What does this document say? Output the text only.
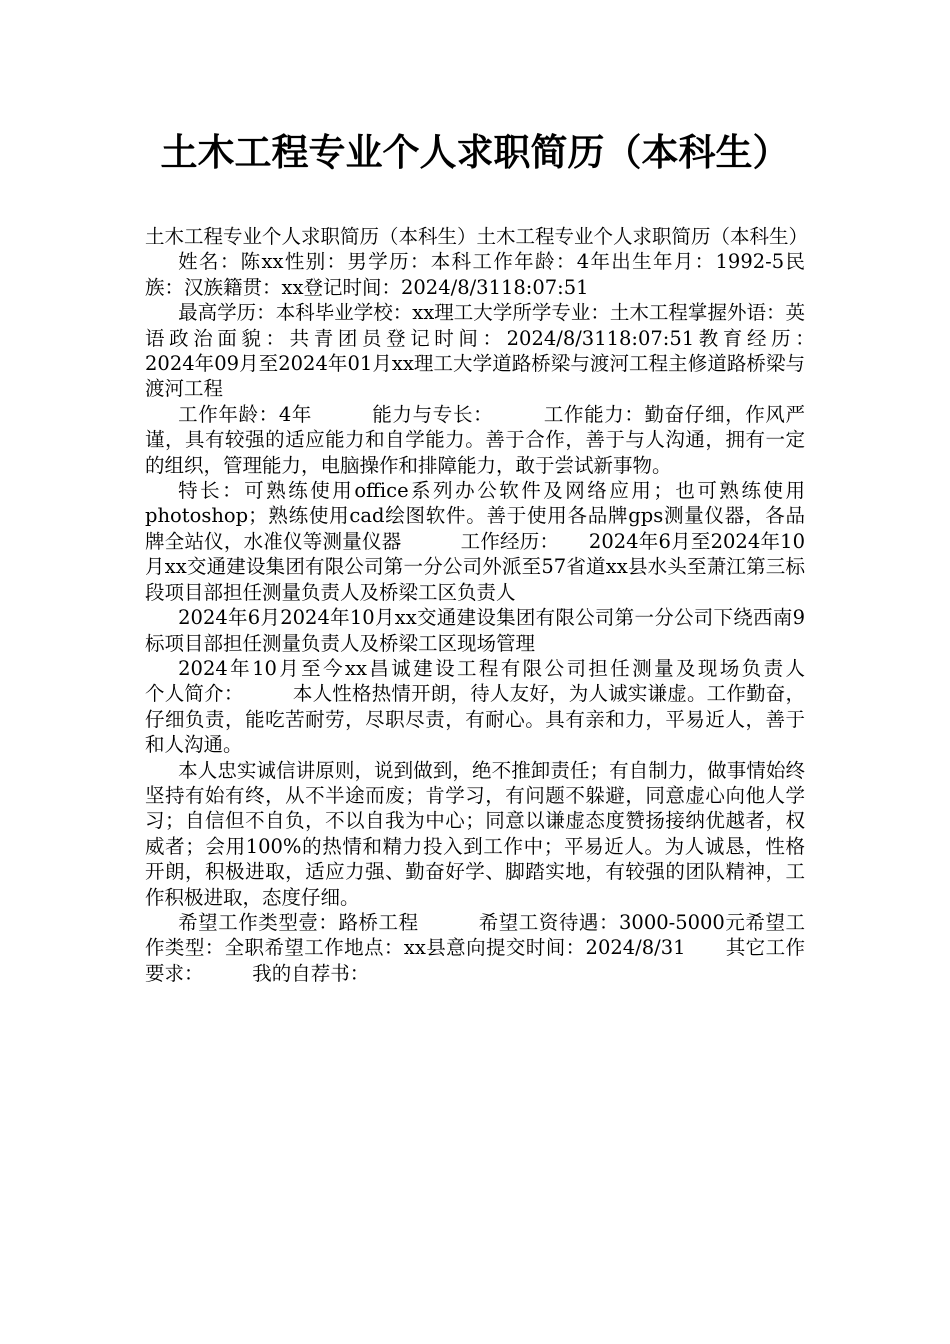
土木工程专业个人求职简历（本科生）

土木工程专业个人求职简历（本科生）土木工程专业个人求职简历（本科生）

姓名：陈xx性别：男学历：本科工作年龄：4年出生年月：1992-5民族：汉族籍贯：xx登记时间：2024/8/3118:07:51

最高学历：本科毕业学校：xx理工大学所学专业：土木工程掌握外语：英语政治面貌：共青团员登记时间：2024/8/3118:07:51教育经历：　　　2024年09月至2024年01月xx理工大学道路桥梁与渡河工程主修道路桥梁与渡河工程

工作年龄：4年　　　能力与专长：　　　工作能力：勤奋仔细，作风严谨，具有较强的适应能力和自学能力。善于合作，善于与人沟通，拥有一定的组织，管理能力，电脑操作和排障能力，敢于尝试新事物。

特长：可熟练使用office系列办公软件及网络应用；也可熟练使用photoshop；熟练使用cad绘图软件。善于使用各品牌gps测量仪器，各品牌全站仪，水准仪等测量仪器　　　工作经历：　　2024年6月至2024年10月xx交通建设集团有限公司第一分公司外派至57省道xx县水头至萧江第三标段项目部担任测量负责人及桥梁工区负责人

2024年6月2024年10月xx交通建设集团有限公司第一分公司下绕西南9标项目部担任测量负责人及桥梁工区现场管理

2024年10月至今xx昌诚建设工程有限公司担任测量及现场负责人　　　个人简介：　　　本人性格热情开朗，待人友好，为人诚实谦虚。工作勤奋，仔细负责，能吃苦耐劳，尽职尽责，有耐心。具有亲和力，平易近人，善于和人沟通。

本人忠实诚信讲原则，说到做到，绝不推卸责任；有自制力，做事情始终坚持有始有终，从不半途而废；肯学习，有问题不躲避，同意虚心向他人学习；自信但不自负，不以自我为中心；同意以谦虚态度赞扬接纳优越者，权威者；会用100%的热情和精力投入到工作中；平易近人。为人诚恳，性格开朗，积极进取，适应力强、勤奋好学、脚踏实地，有较强的团队精神，工作积极进取，态度仔细。

希望工作类型壹：路桥工程　　　希望工资待遇：3000-5000元希望工作类型：全职希望工作地点：xx县意向提交时间：2024/8/31　　其它工作要求：　　　我的自荐书：
